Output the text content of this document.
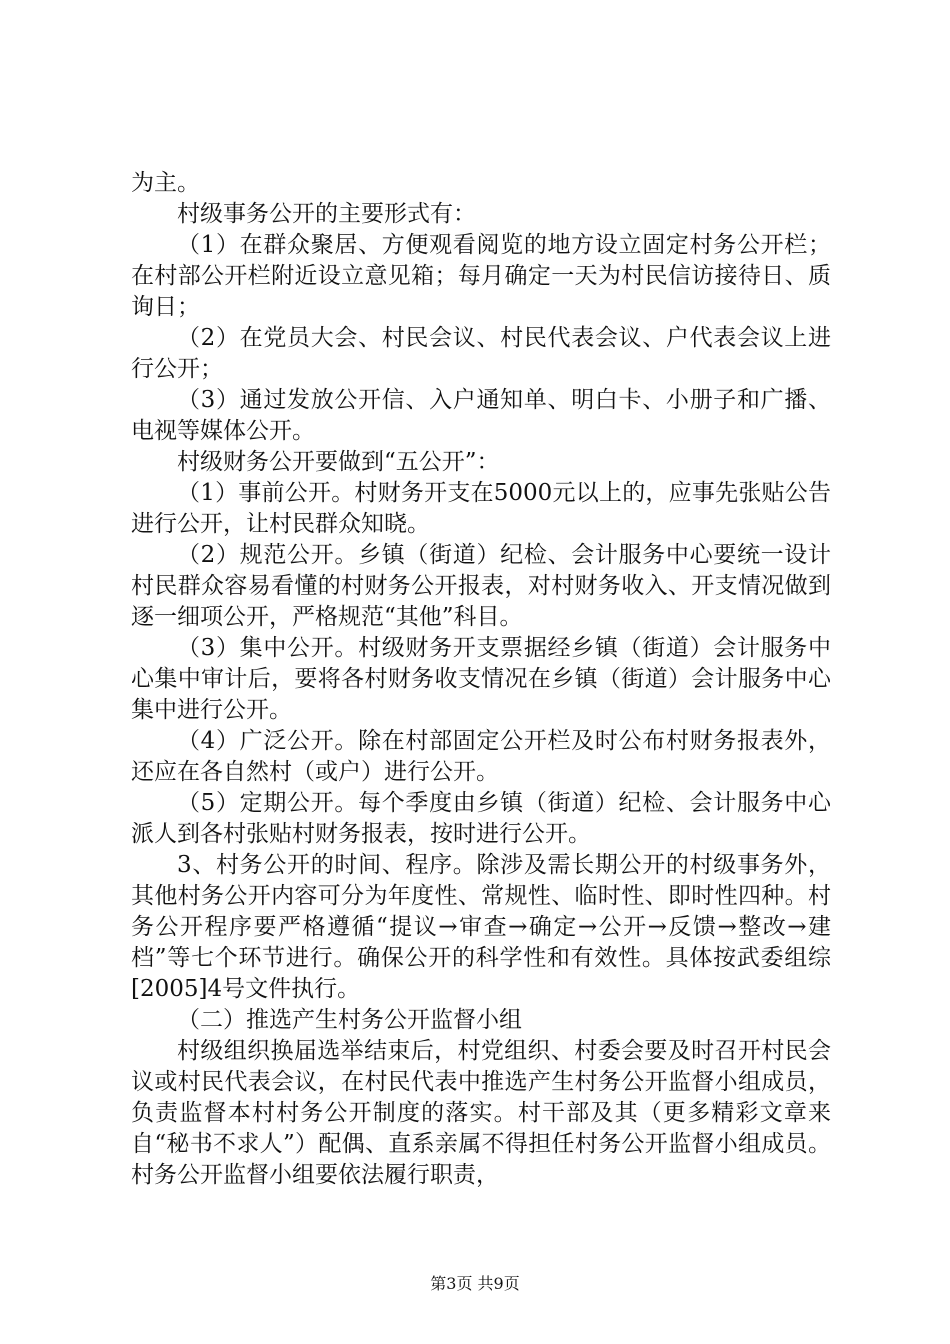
为主。

村级事务公开的主要形式有：

（1）在群众聚居、方便观看阅览的地方设立固定村务公开栏；在村部公开栏附近设立意见箱；每月确定一天为村民信访接待日、质询日；

（2）在党员大会、村民会议、村民代表会议、户代表会议上进行公开；

（3）通过发放公开信、入户通知单、明白卡、小册子和广播、电视等媒体公开。

村级财务公开要做到“五公开”：

（1）事前公开。村财务开支在5000元以上的，应事先张贴公告进行公开，让村民群众知晓。

（2）规范公开。乡镇（街道）纪检、会计服务中心要统一设计村民群众容易看懂的村财务公开报表，对村财务收入、开支情况做到逐一细项公开，严格规范“其他”科目。

（3）集中公开。村级财务开支票据经乡镇（街道）会计服务中心集中审计后，要将各村财务收支情况在乡镇（街道）会计服务中心集中进行公开。

（4）广泛公开。除在村部固定公开栏及时公布村财务报表外，还应在各自然村（或户）进行公开。

（5）定期公开。每个季度由乡镇（街道）纪检、会计服务中心派人到各村张贴村财务报表，按时进行公开。

3、村务公开的时间、程序。除涉及需长期公开的村级事务外，其他村务公开内容可分为年度性、常规性、临时性、即时性四种。村务公开程序要严格遵循“提议→审查→确定→公开→反馈→整改→建档”等七个环节进行。确保公开的科学性和有效性。具体按武委组综[2005]4号文件执行。

（二）推选产生村务公开监督小组

村级组织换届选举结束后，村党组织、村委会要及时召开村民会议或村民代表会议，在村民代表中推选产生村务公开监督小组成员，负责监督本村村务公开制度的落实。村干部及其（更多精彩文章来自“秘书不求人”）配偶、直系亲属不得担任村务公开监督小组成员。村务公开监督小组要依法履行职责，

第3页 共9页
